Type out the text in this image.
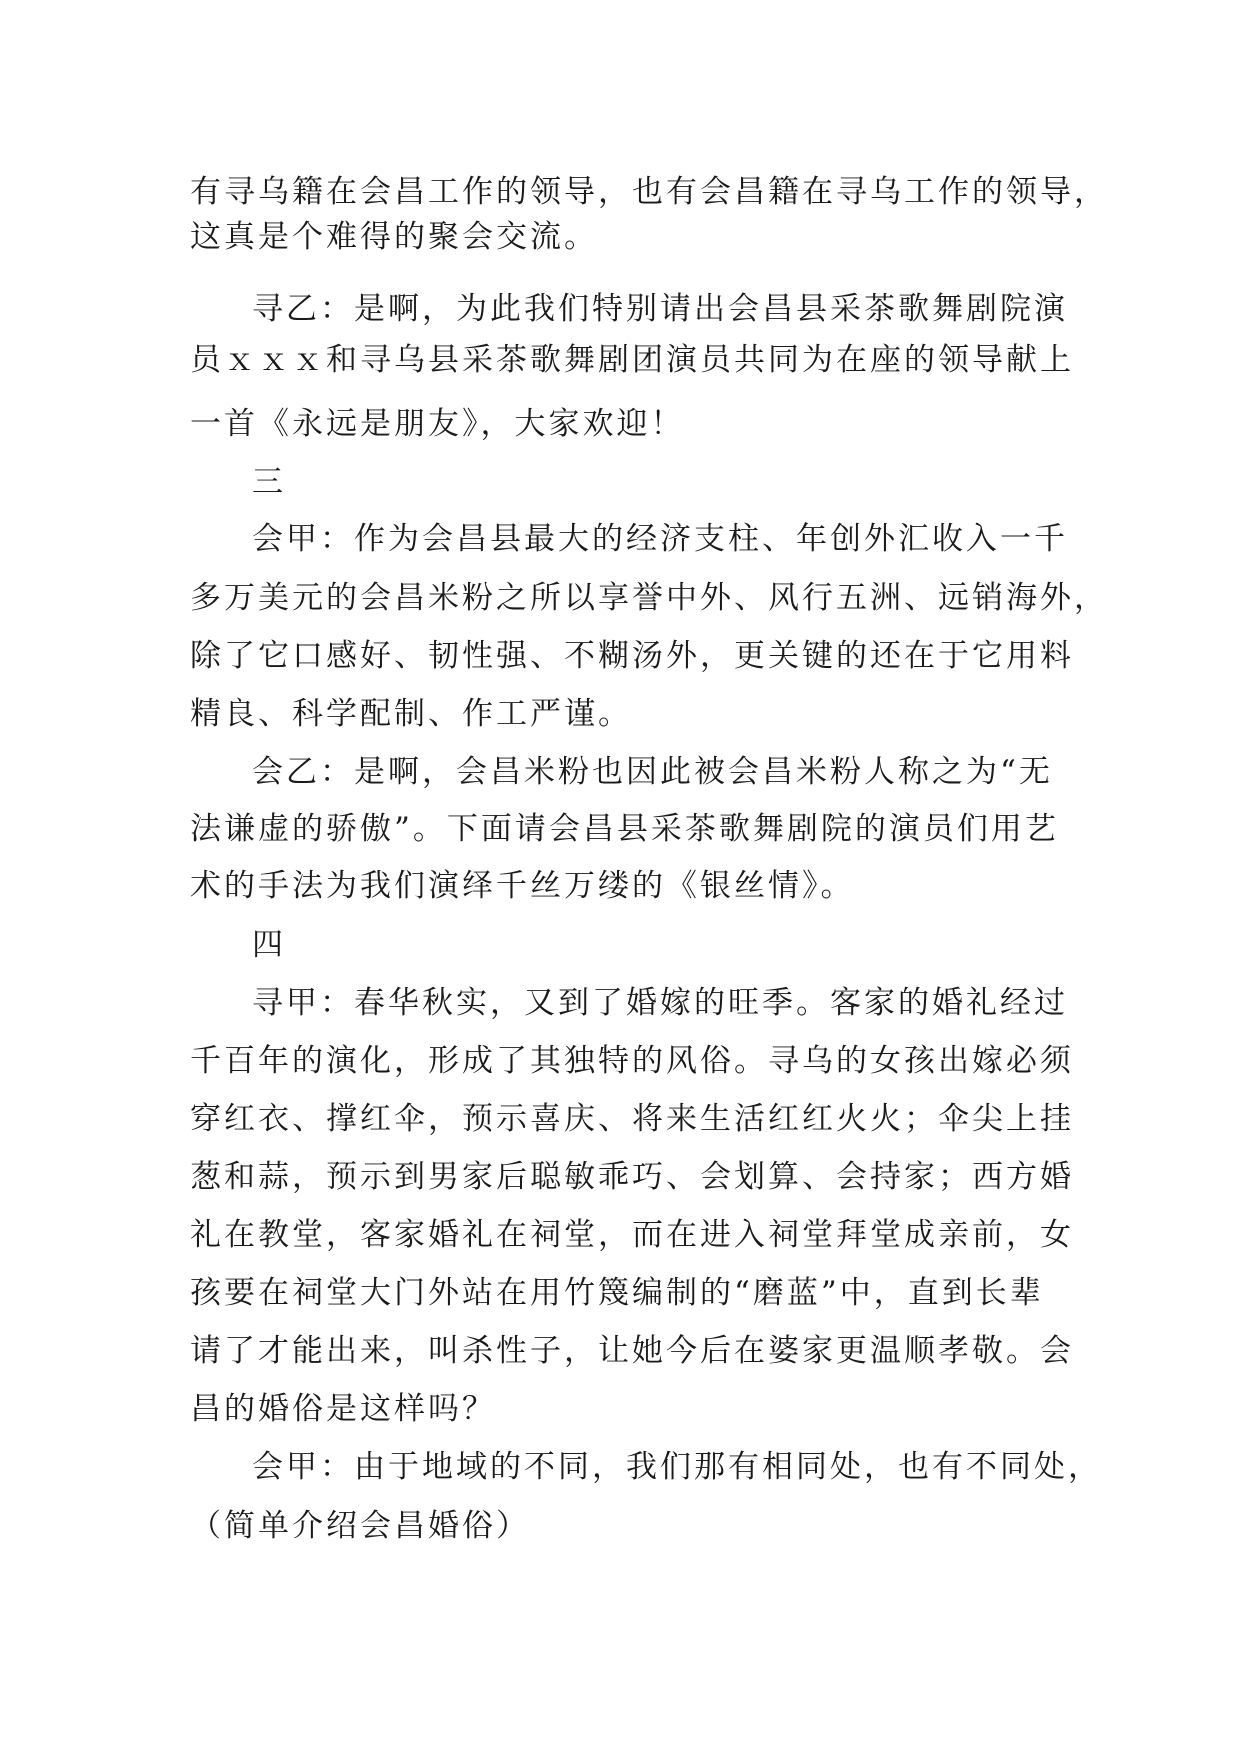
有寻乌籍在会昌工作的领导，也有会昌籍在寻乌工作的领导，
这真是个难得的聚会交流。
寻乙：是啊，为此我们特别请出会昌县采茶歌舞剧院演
员ｘｘｘ和寻乌县采茶歌舞剧团演员共同为在座的领导献上
一首《永远是朋友》，大家欢迎！
三
会甲：作为会昌县最大的经济支柱、年创外汇收入一千
多万美元的会昌米粉之所以享誉中外、风行五洲、远销海外，
除了它口感好、韧性强、不糊汤外，更关键的还在于它用料
精良、科学配制、作工严谨。
会乙：是啊，会昌米粉也因此被会昌米粉人称之为“无
法谦虚的骄傲”。下面请会昌县采茶歌舞剧院的演员们用艺
术的手法为我们演绎千丝万缕的《银丝情》。
四
寻甲：春华秋实，又到了婚嫁的旺季。客家的婚礼经过
千百年的演化，形成了其独特的风俗。寻乌的女孩出嫁必须
穿红衣、撑红伞，预示喜庆、将来生活红红火火；伞尖上挂
葱和蒜，预示到男家后聪敏乖巧、会划算、会持家；西方婚
礼在教堂，客家婚礼在祠堂，而在进入祠堂拜堂成亲前，女
孩要在祠堂大门外站在用竹篾编制的“磨蓝”中，直到长辈
请了才能出来，叫杀性子，让她今后在婆家更温顺孝敬。会
昌的婚俗是这样吗？
会甲：由于地域的不同，我们那有相同处，也有不同处，
（简单介绍会昌婚俗）
